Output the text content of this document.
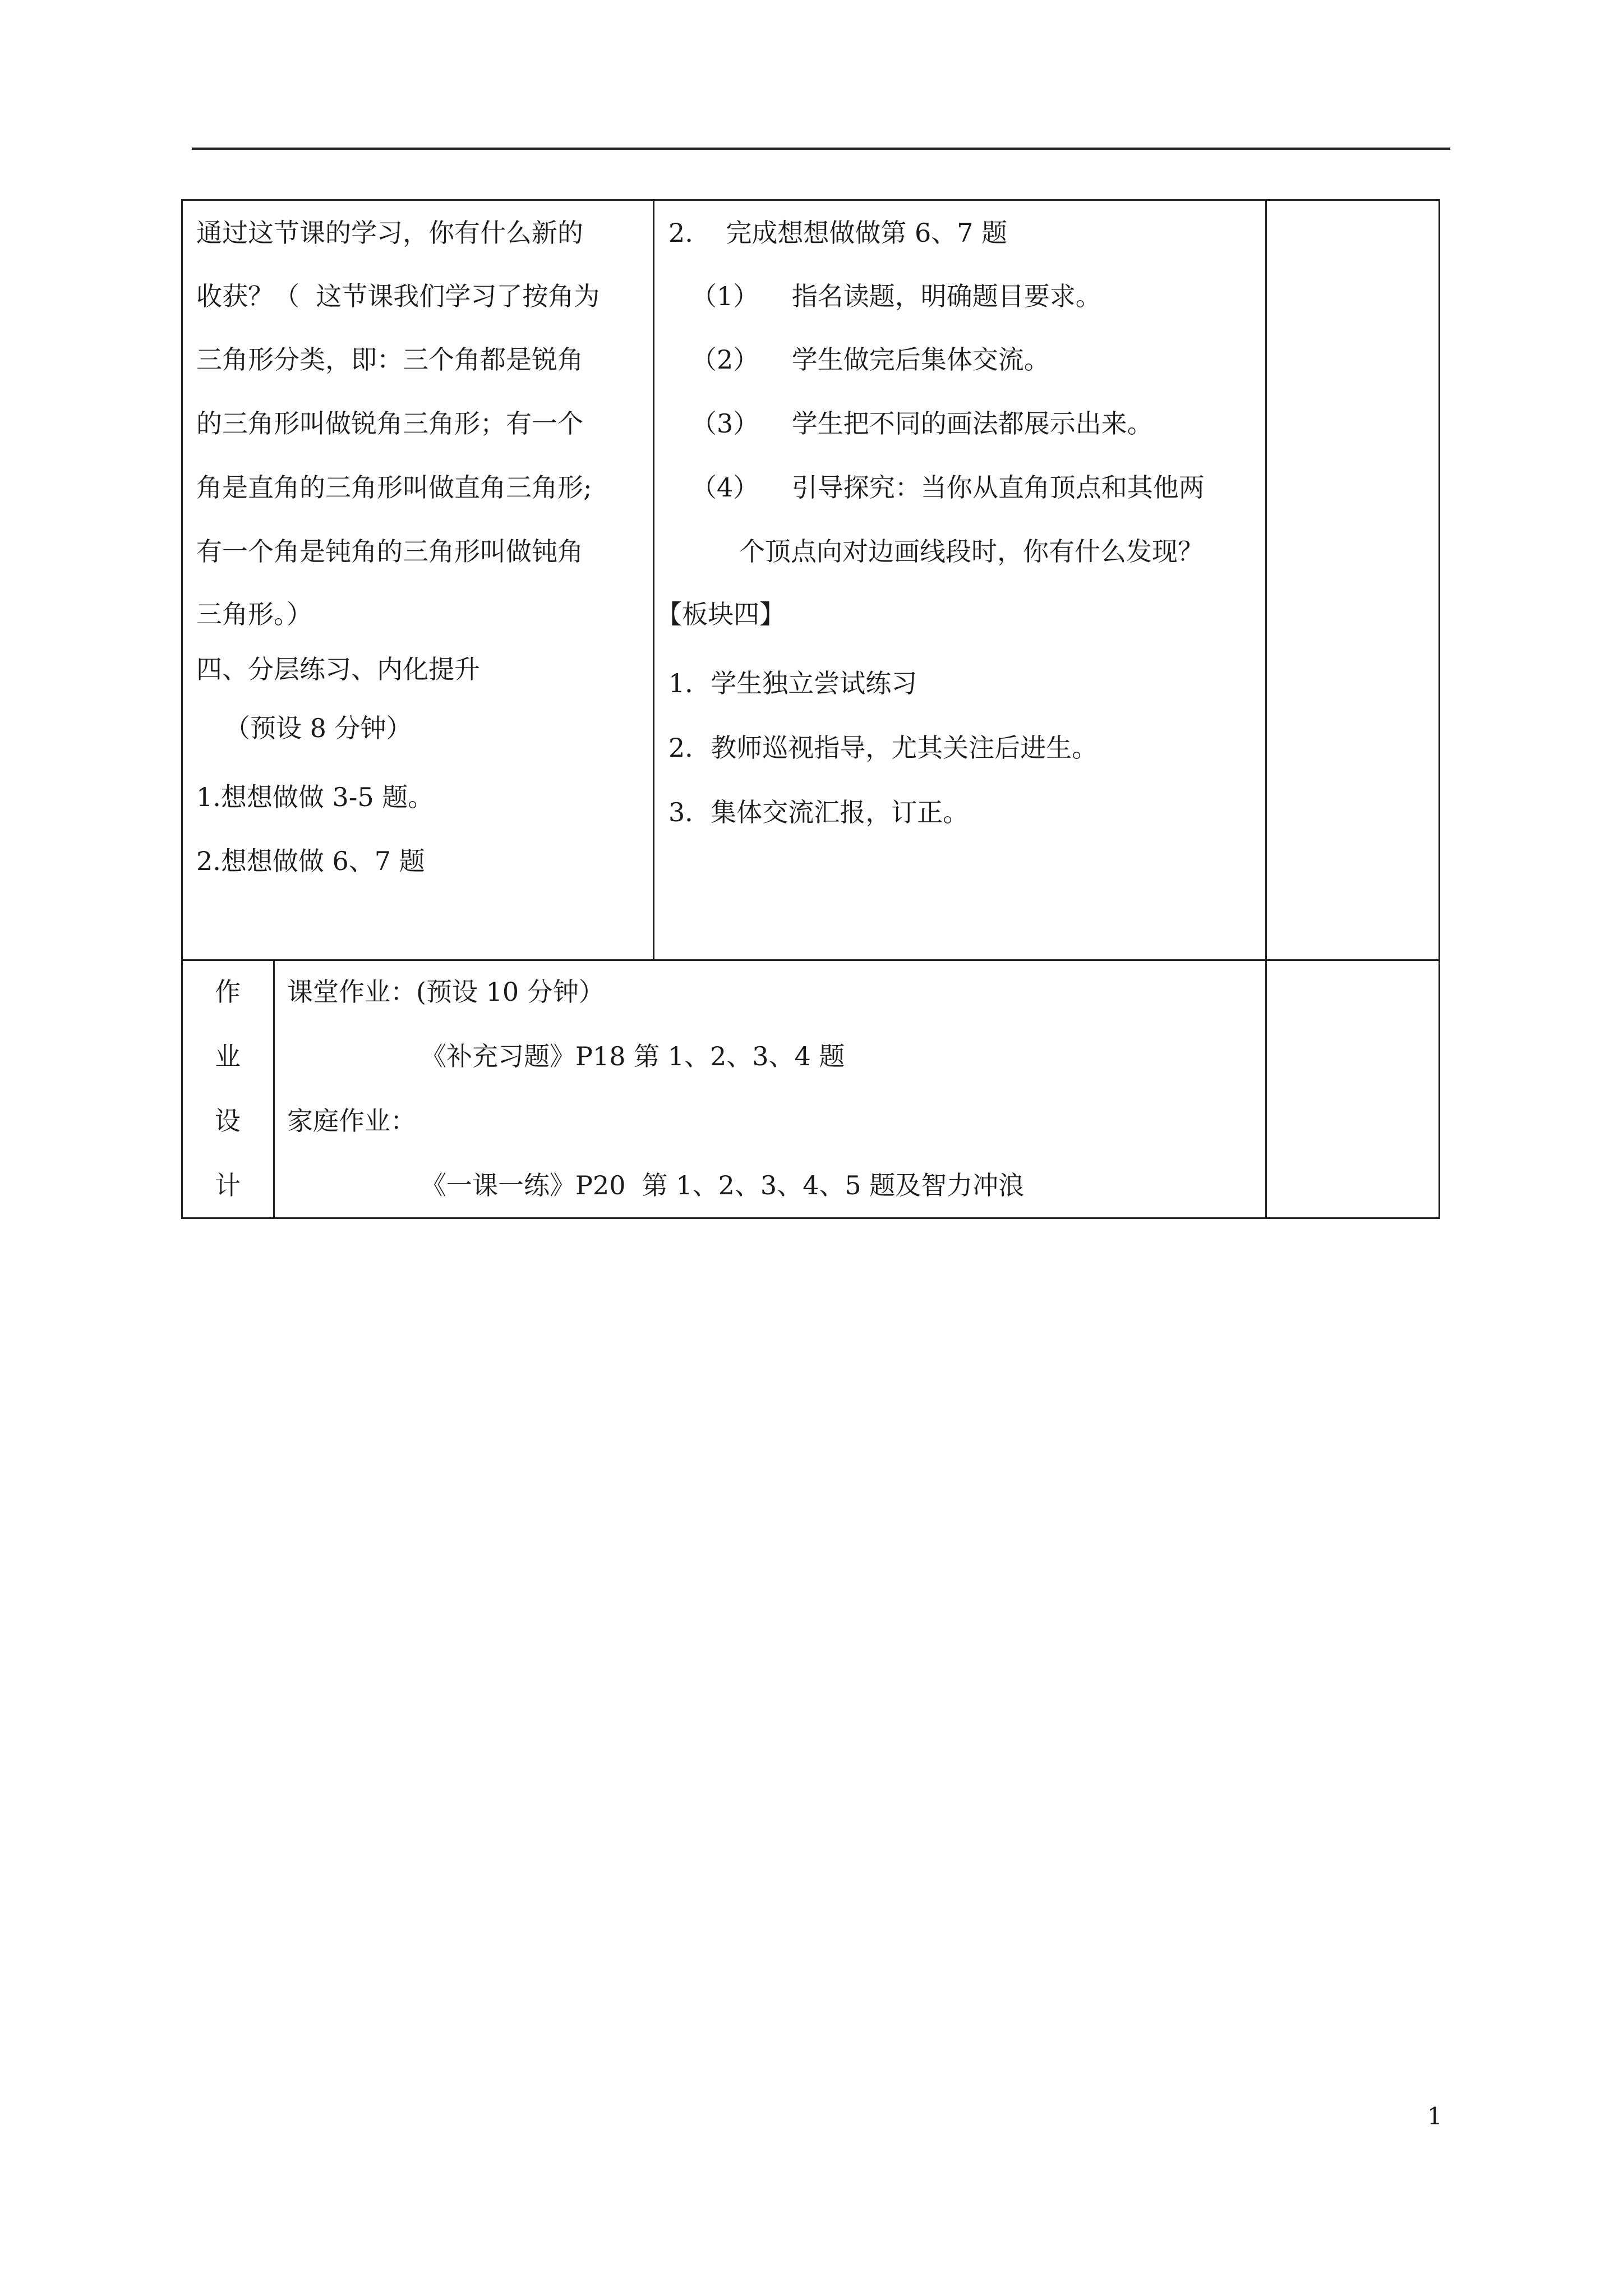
通过这节课的学习，你有什么新的

收获？（  这节课我们学习了按角为

三角形分类，即：三个角都是锐角

的三角形叫做锐角三角形；有一个

角是直角的三角形叫做直角三角形;

有一个角是钝角的三角形叫做钝角

三角形。）

四、分层练习、内化提升

（预设 8 分钟）

1.想想做做 3-5 题。

2.想想做做 6、7 题

2.    完成想想做做第 6、7 题

（1）    指名读题，明确题目要求。

（2）    学生做完后集体交流。

（3）    学生把不同的画法都展示出来。

（4）    引导探究：当你从直角顶点和其他两

个顶点向对边画线段时，你有什么发现？

【板块四】

1．学生独立尝试练习

2．教师巡视指导，尤其关注后进生。

3．集体交流汇报，订正。

作

业

设

计

课堂作业：(预设 10 分钟）

《补充习题》P18 第 1、2、3、4 题

家庭作业：

《一课一练》P20  第 1、2、3、4、5 题及智力冲浪

1
